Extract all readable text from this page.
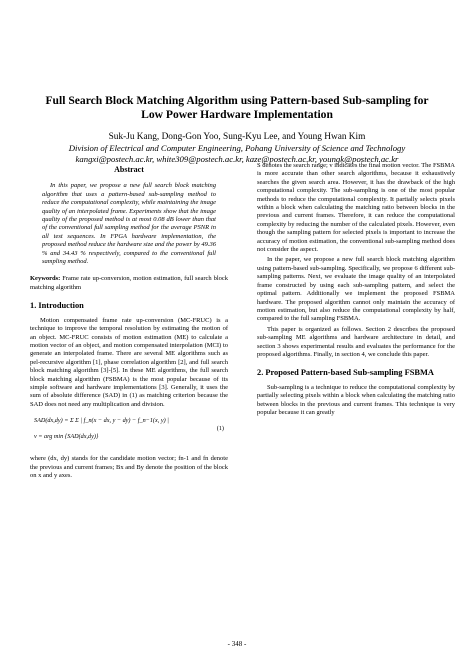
Full Search Block Matching Algorithm using Pattern-based Sub-sampling for Low Power Hardware Implementation
Suk-Ju Kang, Dong-Gon Yoo, Sung-Kyu Lee, and Young Hwan Kim
Division of Electrical and Computer Engineering, Pohang University of Science and Technology
kangxi@postech.ac.kr, white309@postech.ac.kr, kaze@postech.ac.kr, youngk@postech.ac.kr
Abstract

In this paper, we propose a new full search block matching algorithm that uses a pattern-based sub-sampling method to reduce the computational complexity, while maintaining the image quality of an interpolated frame. Experiments show that the image quality of the proposed method is at most 0.08 dB lower than that of the conventional full sampling method for the average PSNR in all test sequences. In FPGA hardware implementation, the proposed method reduce the hardware size and the power by 49.36 % and 34.43 % respectively, compared to the conventional full sampling method.

Keywords: Frame rate up-conversion, motion estimation, full search block matching algorithm

1. Introduction

Motion compensated frame rate up-conversion (MC-FRUC) is a technique to improve the temporal resolution by estimating the motion of an object. MC-FRUC consists of motion estimation (ME) to calculate a motion vector of an object, and motion compensated interpolation (MCI) to generate an interpolated frame. There are several ME algorithms such as pel-recursive algorithm [1], phase correlation algorithm [2], and full search block matching algorithm [3]-[5]. In these ME algorithms, the full search block matching algorithm (FSBMA) is the most popular because of its simple software and hardware implementations [3]. Generally, it uses the sum of absolute difference (SAD) in (1) as matching criterion because the SAD does not need any multiplication and division.

SAD(dx,dy) = Σ Σ | f_n(x − dx, y − dy) − f_n−1(x, y) |
v = arg min {SAD(dx,dy)}
(1)

where (dx, dy) stands for the candidate motion vector; fn-1 and fn denote the previous and current frames; Bx and By denote the position of the block on x and y axes.

S denotes the search range; v indicates the final motion vector. The FSBMA is more accurate than other search algorithms, because it exhaustively searches the given search area. However, it has the drawback of the high computational complexity. The sub-sampling is one of the most popular methods to reduce the computational complexity. It partially selects pixels within a block when calculating the matching ratio between blocks in the previous and current frames. Therefore, it can reduce the computational complexity by reducing the number of the calculated pixels. However, even though the sampling pattern for selected pixels is important to increase the accuracy of motion estimation, the conventional sub-sampling method does not consider the aspect.

In the paper, we propose a new full search block matching algorithm using pattern-based sub-sampling. Specifically, we propose 6 different sub-sampling patterns. Next, we evaluate the image quality of an interpolated frame constructed by using each sub-sampling pattern, and select the optimal pattern. Additionally we implement the proposed FSBMA hardware. The proposed algorithm cannot only maintain the accuracy of motion estimation, but also reduce the computational complexity by half, compared to the full sampling FSBMA.

This paper is organized as follows. Section 2 describes the proposed sub-sampling ME algorithms and hardware architecture in detail, and section 3 shows experimental results and evaluates the performance for the proposed algorithms. Finally, in section 4, we conclude this paper.

2. Proposed Pattern-based Sub-sampling FSBMA

Sub-sampling is a technique to reduce the computational complexity by partially selecting pixels within a block when calculating the matching ratio between blocks in the previous and current frames. This technique is very popular because it can greatly

- 348 -
